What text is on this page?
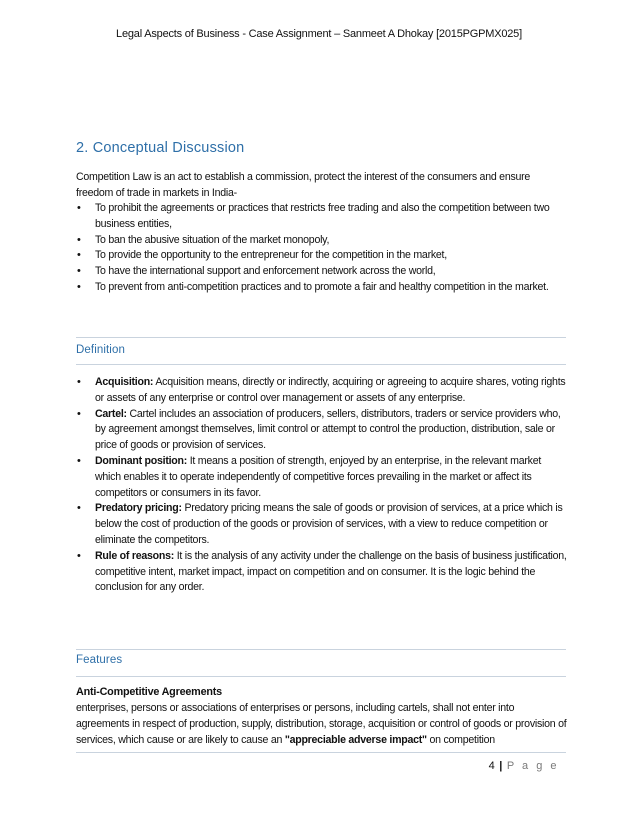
Legal Aspects of Business - Case Assignment – Sanmeet A Dhokay [2015PGPMX025]
2. Conceptual Discussion
Competition Law is an act to establish a commission, protect the interest of the consumers and ensure freedom of trade in markets in India-
• To prohibit the agreements or practices that restricts free trading and also the competition between two business entities,
• To ban the abusive situation of the market monopoly,
• To provide the opportunity to the entrepreneur for the competition in the market,
• To have the international support and enforcement network across the world,
• To prevent from anti-competition practices and to promote a fair and healthy competition in the market.
Definition
• Acquisition: Acquisition means, directly or indirectly, acquiring or agreeing to acquire shares, voting rights or assets of any enterprise or control over management or assets of any enterprise.
• Cartel: Cartel includes an association of producers, sellers, distributors, traders or service providers who, by agreement amongst themselves, limit control or attempt to control the production, distribution, sale or price of goods or provision of services.
• Dominant position: It means a position of strength, enjoyed by an enterprise, in the relevant market which enables it to operate independently of competitive forces prevailing in the market or affect its competitors or consumers in its favor.
• Predatory pricing: Predatory pricing means the sale of goods or provision of services, at a price which is below the cost of production of the goods or provision of services, with a view to reduce competition or eliminate the competitors.
• Rule of reasons: It is the analysis of any activity under the challenge on the basis of business justification, competitive intent, market impact, impact on competition and on consumer. It is the logic behind the conclusion for any order.
Features
Anti-Competitive Agreements
enterprises, persons or associations of enterprises or persons, including cartels, shall not enter into agreements in respect of production, supply, distribution, storage, acquisition or control of goods or provision of services, which cause or are likely to cause an "appreciable adverse impact" on competition
4 | P a g e
